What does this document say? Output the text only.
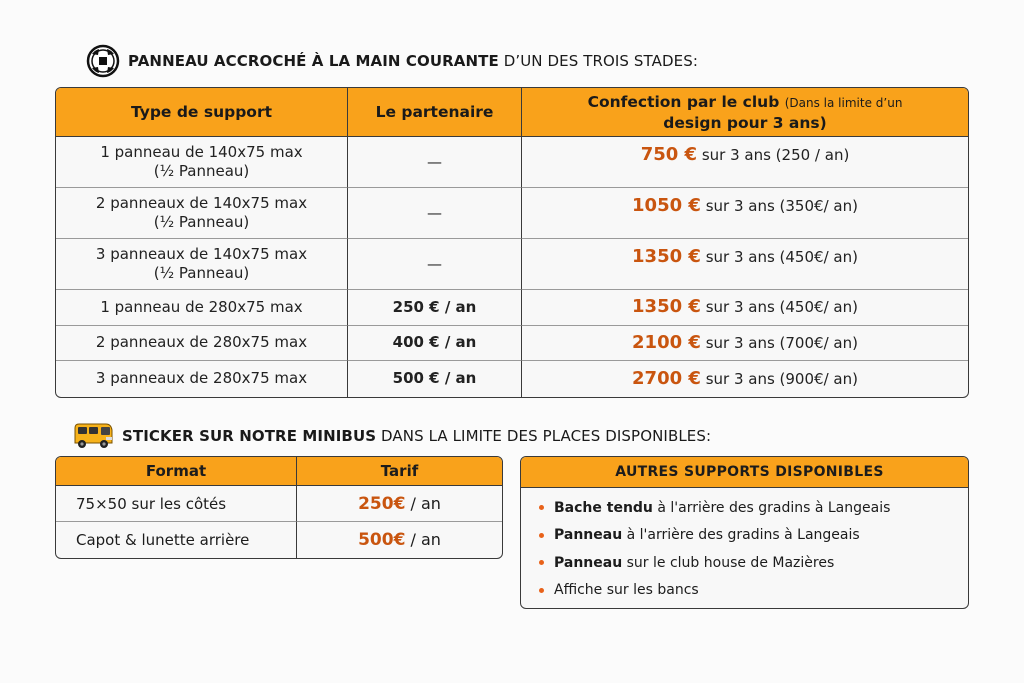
PANNEAU ACCROCHÉ À LA MAIN COURANTE D’UN DES TROIS STADES:
Type de support	Le partenaire	Confection par le club (Dans la limite d’un
design pour 3 ans)
1 panneau de 140x75 max
(½ Panneau)	—	750 € sur 3 ans (250 / an)
2 panneaux de 140x75 max
(½ Panneau)	—	1050 € sur 3 ans (350€/ an)
3 panneaux de 140x75 max
(½ Panneau)	—	1350 € sur 3 ans (450€/ an)
1 panneau de 280x75 max	250 € / an	1350 € sur 3 ans (450€/ an)
2 panneaux de 280x75 max	400 € / an	2100 € sur 3 ans (700€/ an)
3 panneaux de 280x75 max	500 € / an	2700 € sur 3 ans (900€/ an)
STICKER SUR NOTRE MINIBUS DANS LA LIMITE DES PLACES DISPONIBLES:
Format	Tarif
75×50 sur les côtés	250€ / an
Capot & lunette arrière	500€ / an
AUTRES SUPPORTS DISPONIBLES
Bache tendu à l'arrière des gradins à Langeais
Panneau à l'arrière des gradins à Langeais
Panneau sur le club house de Mazières
Affiche sur les bancs
